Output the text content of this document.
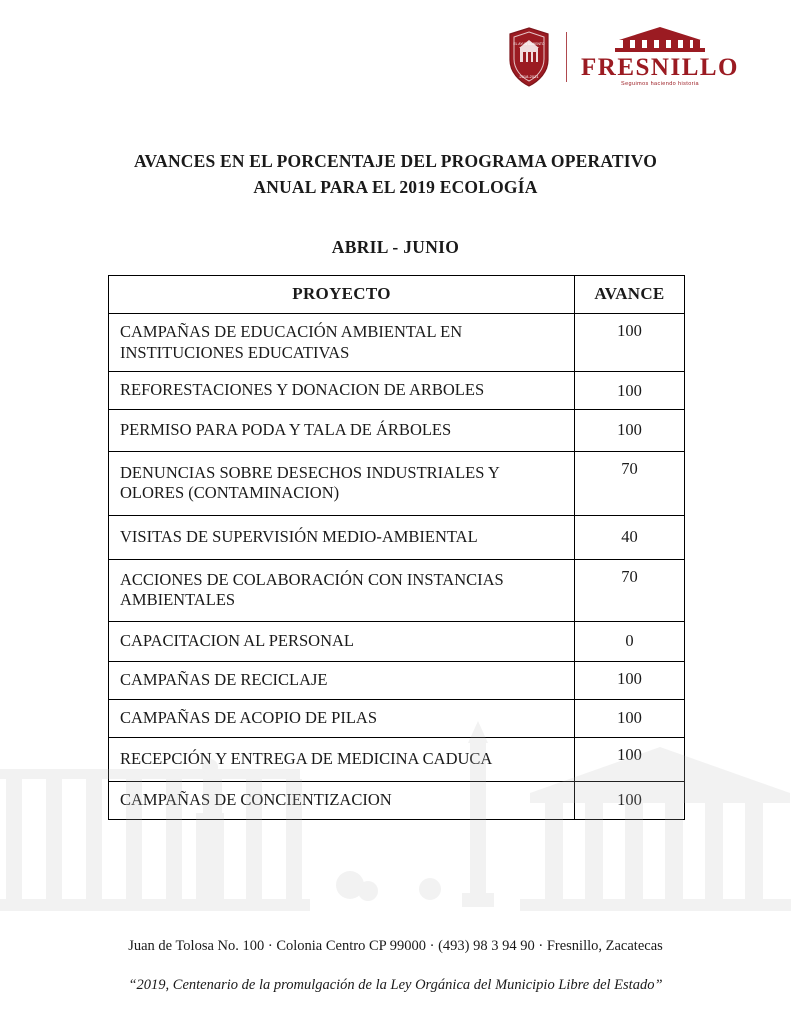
EL AYUNTAMIENTO
2018-2021 FRESNILLO
Seguimos haciendo historia
AVANCES EN EL PORCENTAJE DEL PROGRAMA OPERATIVO
ANUAL PARA EL 2019 ECOLOGÍA

ABRIL - JUNIO

PROYECTO	AVANCE
CAMPAÑAS DE EDUCACIÓN AMBIENTAL EN INSTITUCIONES EDUCATIVAS	100
REFORESTACIONES Y DONACION DE ARBOLES	100
PERMISO PARA PODA Y TALA DE ÁRBOLES	100
DENUNCIAS SOBRE DESECHOS INDUSTRIALES Y OLORES (CONTAMINACION)	70
VISITAS DE SUPERVISIÓN MEDIO-AMBIENTAL	40
ACCIONES DE COLABORACIÓN CON INSTANCIAS AMBIENTALES	70
CAPACITACION AL PERSONAL	0
CAMPAÑAS DE RECICLAJE	100
CAMPAÑAS DE ACOPIO DE PILAS	100
RECEPCIÓN Y ENTREGA DE MEDICINA CADUCA	100
CAMPAÑAS DE CONCIENTIZACION	100

Juan de Tolosa No. 100 · Colonia Centro CP 99000 · (493) 98 3 94 90 · Fresnillo, Zacatecas

“2019, Centenario de la promulgación de la Ley Orgánica del Municipio Libre del Estado”
